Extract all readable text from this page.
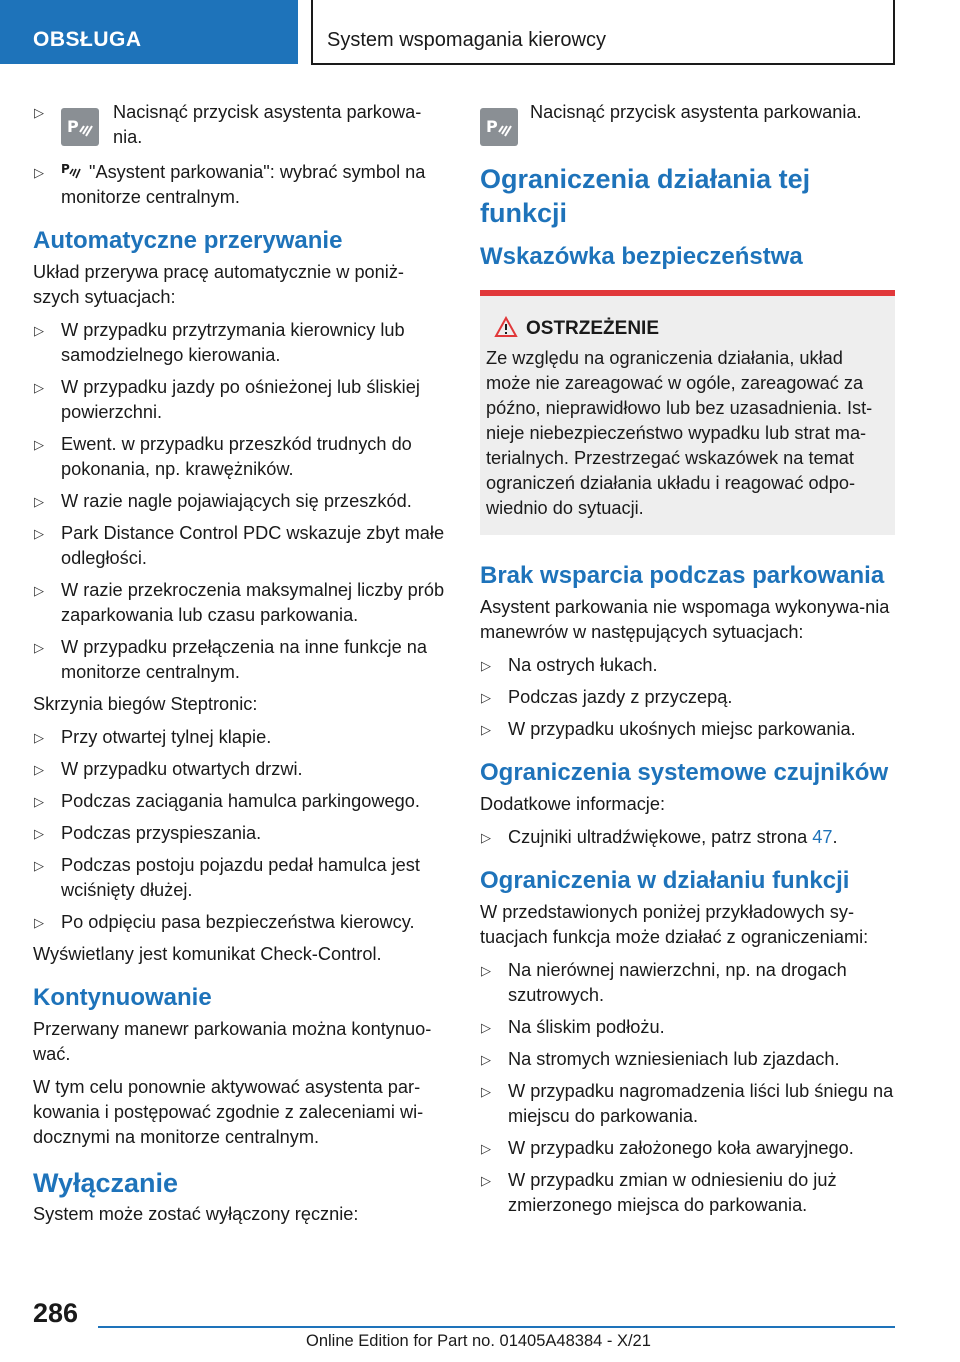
OBSŁUGA	System wspomagania kierowcy
▷
P
Nacisnąć przycisk asystenta parkowa-nia.
▷ P "Asystent parkowania": wybrać symbol na monitorze centralnym.
Automatyczne przerywanie

Układ przerywa pracę automatycznie w poniż-szych sytuacjach:

▷ W przypadku przytrzymania kierownicy lub samodzielnego kierowania.
▷ W przypadku jazdy po ośnieżonej lub śliskiej powierzchni.
▷ Ewent. w przypadku przeszkód trudnych do pokonania, np. krawężników.
▷ W razie nagle pojawiających się przeszkód.
▷ Park Distance Control PDC wskazuje zbyt małe odległości.
▷ W razie przekroczenia maksymalnej liczby prób zaparkowania lub czasu parkowania.
▷ W przypadku przełączenia na inne funkcje na monitorze centralnym.

Skrzynia biegów Steptronic:

▷ Przy otwartej tylnej klapie.
▷ W przypadku otwartych drzwi.
▷ Podczas zaciągania hamulca parkingowego.
▷ Podczas przyspieszania.
▷ Podczas postoju pojazdu pedał hamulca jest wciśnięty dłużej.
▷ Po odpięciu pasa bezpieczeństwa kierowcy.

Wyświetlany jest komunikat Check-Control.

Kontynuowanie

Przerwany manewr parkowania można kontynuo-wać.

W tym celu ponownie aktywować asystenta par-kowania i postępować zgodnie z zaleceniami wi-docznymi na monitorze centralnym.

Wyłączanie

System może zostać wyłączony ręcznie:

P
Nacisnąć przycisk asystenta parkowania.
Ograniczenia działania tej funkcji
Wskazówka bezpieczeństwa
OSTRZEŻENIE

Ze względu na ograniczenia działania, układ może nie zareagować w ogóle, zareagować za późno, nieprawidłowo lub bez uzasadnienia. Ist-nieje niebezpieczeństwo wypadku lub strat ma-terialnych. Przestrzegać wskazówek na temat ograniczeń działania układu i reagować odpo-wiednio do sytuacji.

Brak wsparcia podczas parkowania

Asystent parkowania nie wspomaga wykonywa-nia manewrów w następujących sytuacjach:

▷ Na ostrych łukach.
▷ Podczas jazdy z przyczepą.
▷ W przypadku ukośnych miejsc parkowania.
Ograniczenia systemowe czujników

Dodatkowe informacje:

▷ Czujniki ultradźwiękowe, patrz strona 47.
Ograniczenia w działaniu funkcji

W przedstawionych poniżej przykładowych sy-tuacjach funkcja może działać z ograniczeniami:

▷ Na nierównej nawierzchni, np. na drogach szutrowych.
▷ Na śliskim podłożu.
▷ Na stromych wzniesieniach lub zjazdach.
▷ W przypadku nagromadzenia liści lub śniegu na miejscu do parkowania.
▷ W przypadku założonego koła awaryjnego.
▷ W przypadku zmian w odniesieniu do już zmierzonego miejsca do parkowania.
286
Online Edition for Part no. 01405A48384 - X/21
